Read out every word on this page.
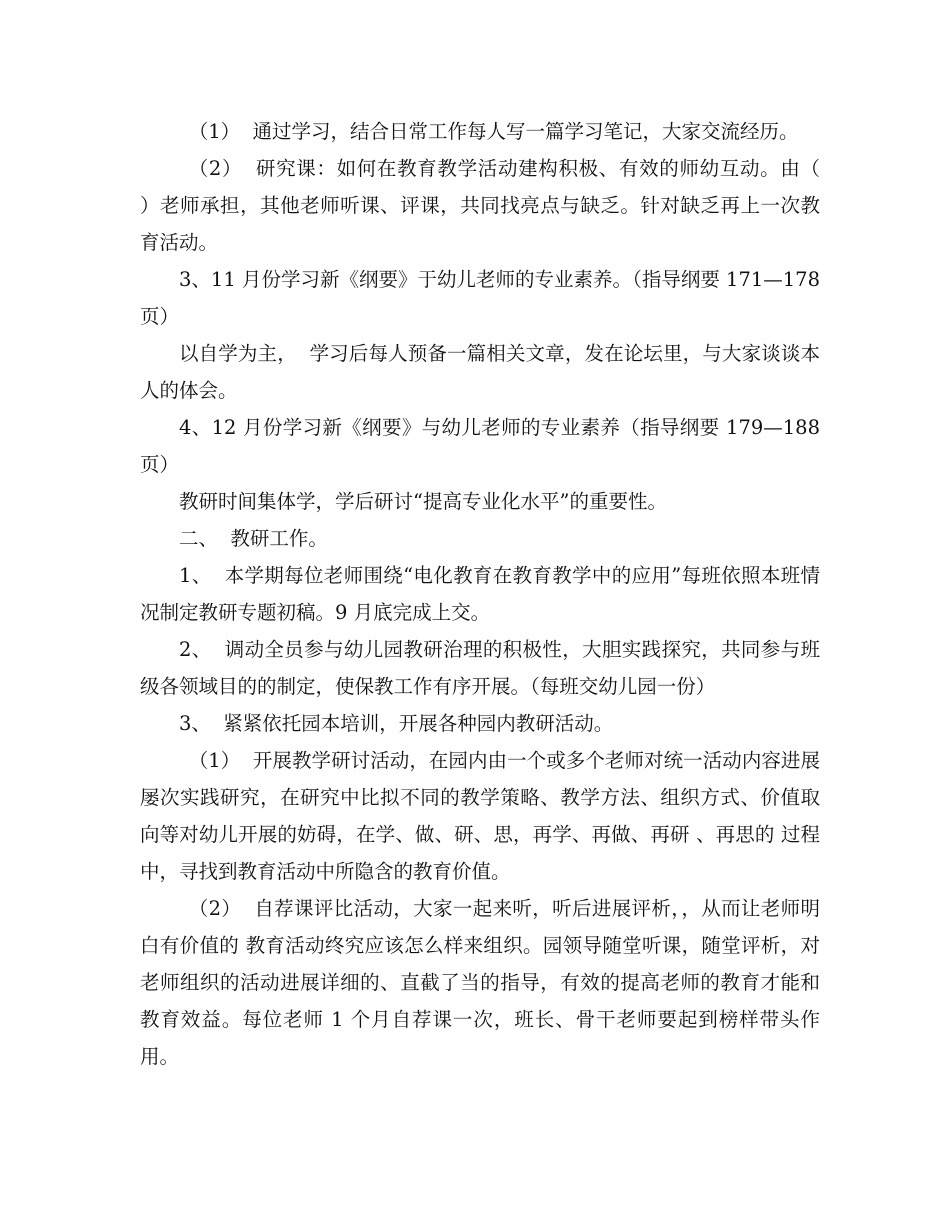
（1）  通过学习，结合日常工作每人写一篇学习笔记，大家交流经历。

（2）  研究课：如何在教育教学活动建构积极、有效的师幼互动。由（  ）老师承担，其他老师听课、评课，共同找亮点与缺乏。针对缺乏再上一次教育活动。

3、11 月份学习新《纲要》于幼儿老师的专业素养。（指导纲要 171—178 页）

以自学为主，  学习后每人预备一篇相关文章，发在论坛里，与大家谈谈本人的体会。

4、12 月份学习新《纲要》与幼儿老师的专业素养（指导纲要 179—188 页）

教研时间集体学，学后研讨“提高专业化水平”的重要性。

二、  教研工作。

1、  本学期每位老师围绕“电化教育在教育教学中的应用”每班依照本班情况制定教研专题初稿。9 月底完成上交。

2、  调动全员参与幼儿园教研治理的积极性，大胆实践探究，共同参与班级各领域目的的制定，使保教工作有序开展。（每班交幼儿园一份）

3、  紧紧依托园本培训，开展各种园内教研活动。

（1）  开展教学研讨活动，在园内由一个或多个老师对统一活动内容进展屡次实践研究，在研究中比拟不同的教学策略、教学方法、组织方式、价值取向等对幼儿开展的妨碍，在学、做、研、思，再学、再做、再研 、再思的 过程中，寻找到教育活动中所隐含的教育价值。

（2）  自荐课评比活动，大家一起来听，听后进展评析，，从而让老师明白有价值的 教育活动终究应该怎么样来组织。园领导随堂听课，随堂评析，对老师组织的活动进展详细的、直截了当的指导，有效的提高老师的教育才能和教育效益。每位老师 1 个月自荐课一次，班长、骨干老师要起到榜样带头作用。
